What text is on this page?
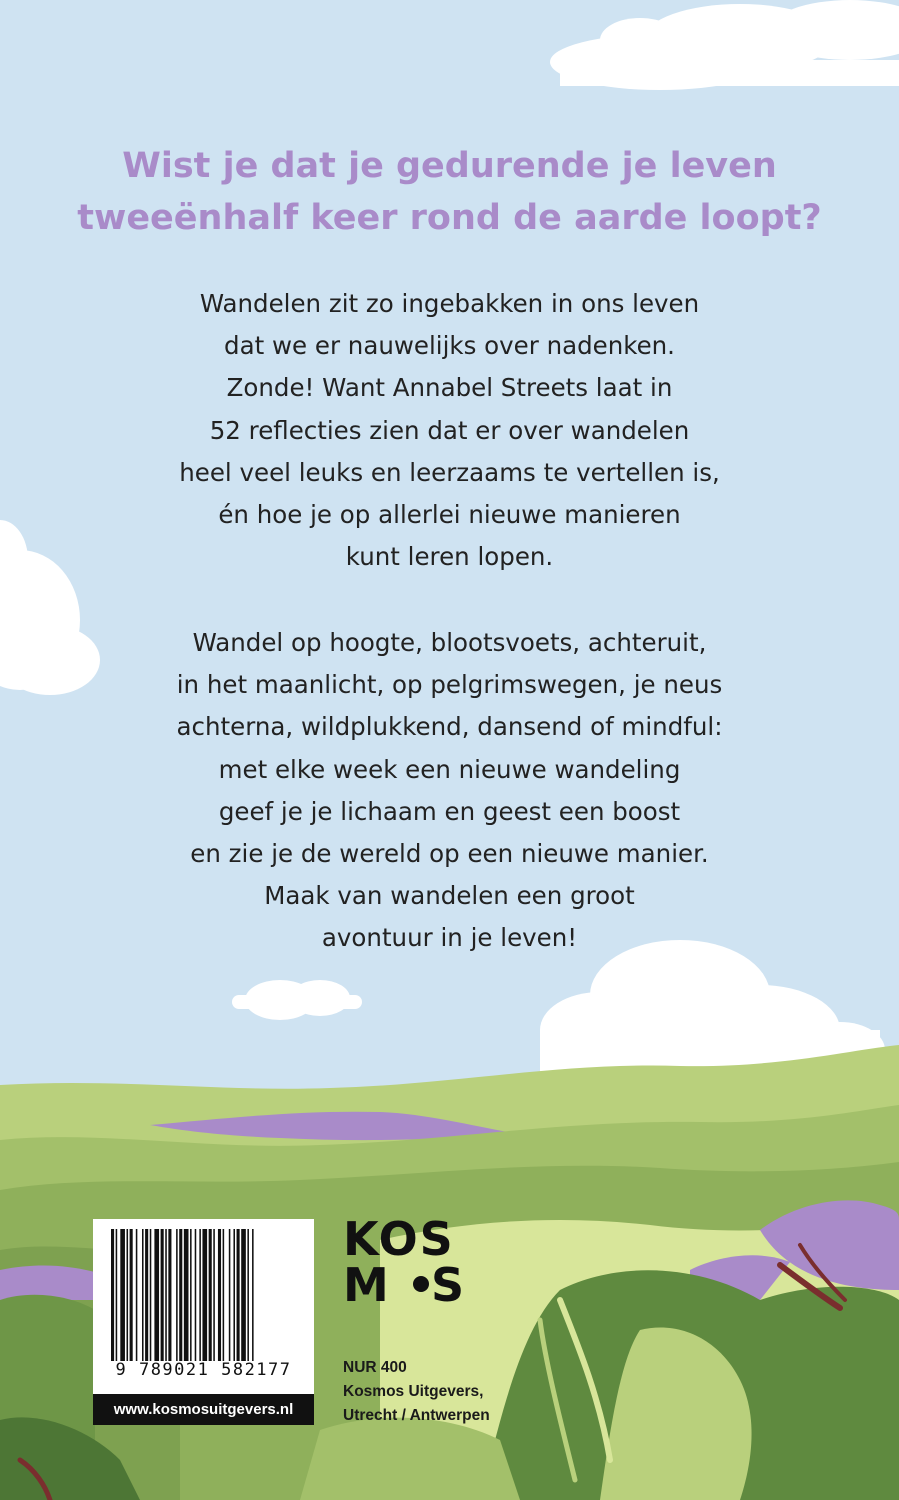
Wist je dat je gedurende je leven
tweeënhalf keer rond de aarde loopt?
Wandelen zit zo ingebakken in ons leven
dat we er nauwelijks over nadenken.
Zonde! Want Annabel Streets laat in
52 reflecties zien dat er over wandelen
heel veel leuks en leerzaams te vertellen is,
én hoe je op allerlei nieuwe manieren
kunt leren lopen.
Wandel op hoogte, blootsvoets, achteruit,
in het maanlicht, op pelgrimswegen, je neus
achterna, wildplukkend, dansend of mindful:
met elke week een nieuwe wandeling
geef je je lichaam en geest een boost
en zie je de wereld op een nieuwe manier.
Maak van wandelen een groot
avontuur in je leven!
9 789021 582177
www.kosmosuitgevers.nl
KOS
M S
NUR 400
Kosmos Uitgevers,
Utrecht / Antwerpen
